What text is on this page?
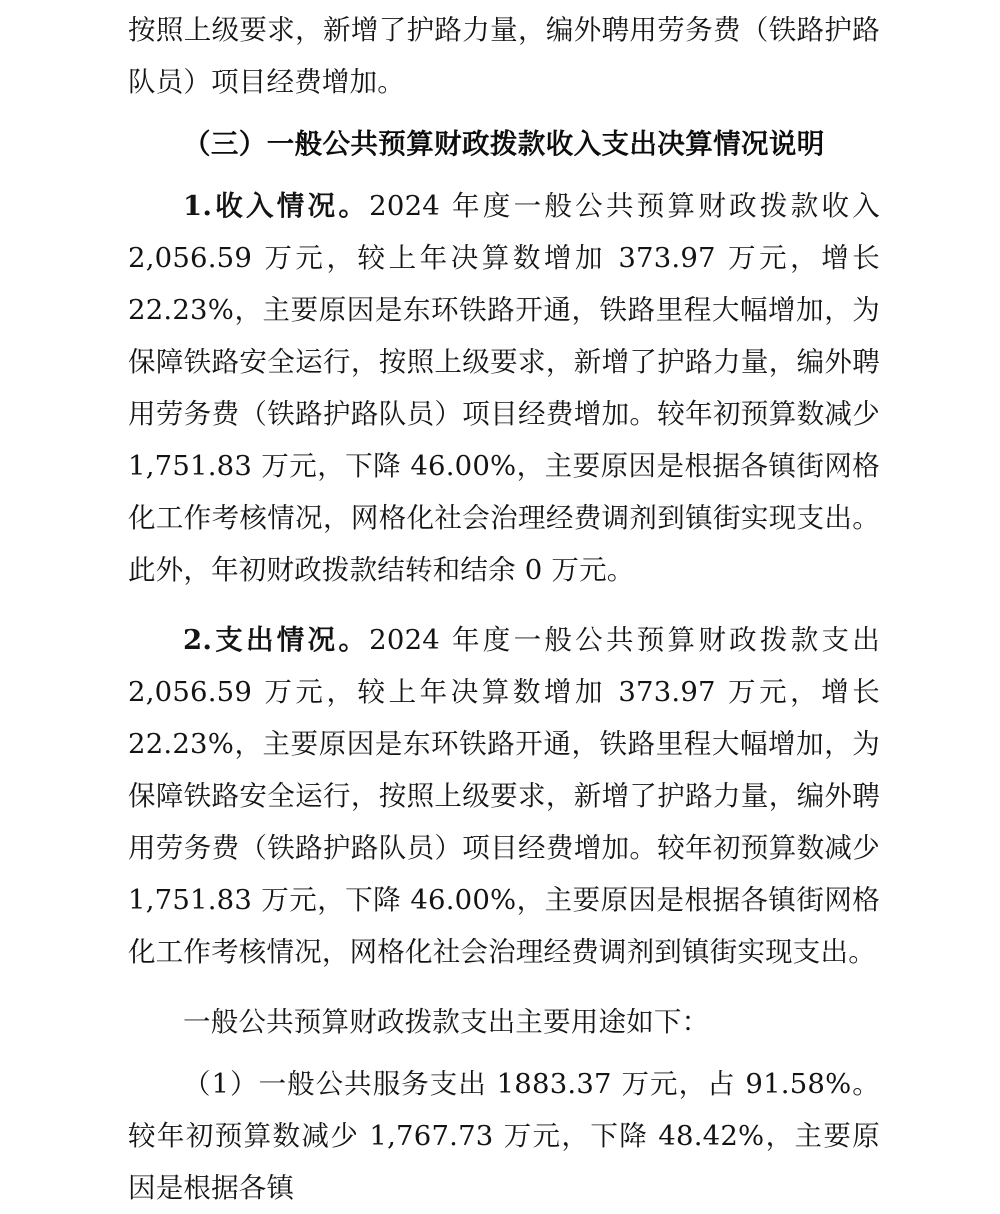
按照上级要求，新增了护路力量，编外聘用劳务费（铁路护路队员）项目经费增加。

（三）一般公共预算财政拨款收入支出决算情况说明

1.收入情况。2024 年度一般公共预算财政拨款收入 2,056.59 万元，较上年决算数增加 373.97 万元，增长 22.23%，主要原因是东环铁路开通，铁路里程大幅增加，为保障铁路安全运行，按照上级要求，新增了护路力量，编外聘用劳务费（铁路护路队员）项目经费增加。较年初预算数减少 1,751.83 万元，下降 46.00%，主要原因是根据各镇街网格化工作考核情况，网格化社会治理经费调剂到镇街实现支出。此外，年初财政拨款结转和结余 0 万元。

2.支出情况。2024 年度一般公共预算财政拨款支出 2,056.59 万元，较上年决算数增加 373.97 万元，增长 22.23%，主要原因是东环铁路开通，铁路里程大幅增加，为保障铁路安全运行，按照上级要求，新增了护路力量，编外聘用劳务费（铁路护路队员）项目经费增加。较年初预算数减少 1,751.83 万元，下降 46.00%，主要原因是根据各镇街网格化工作考核情况，网格化社会治理经费调剂到镇街实现支出。

一般公共预算财政拨款支出主要用途如下：

（1）一般公共服务支出 1883.37 万元，占 91.58%。较年初预算数减少 1,767.73 万元，下降 48.42%，主要原因是根据各镇
